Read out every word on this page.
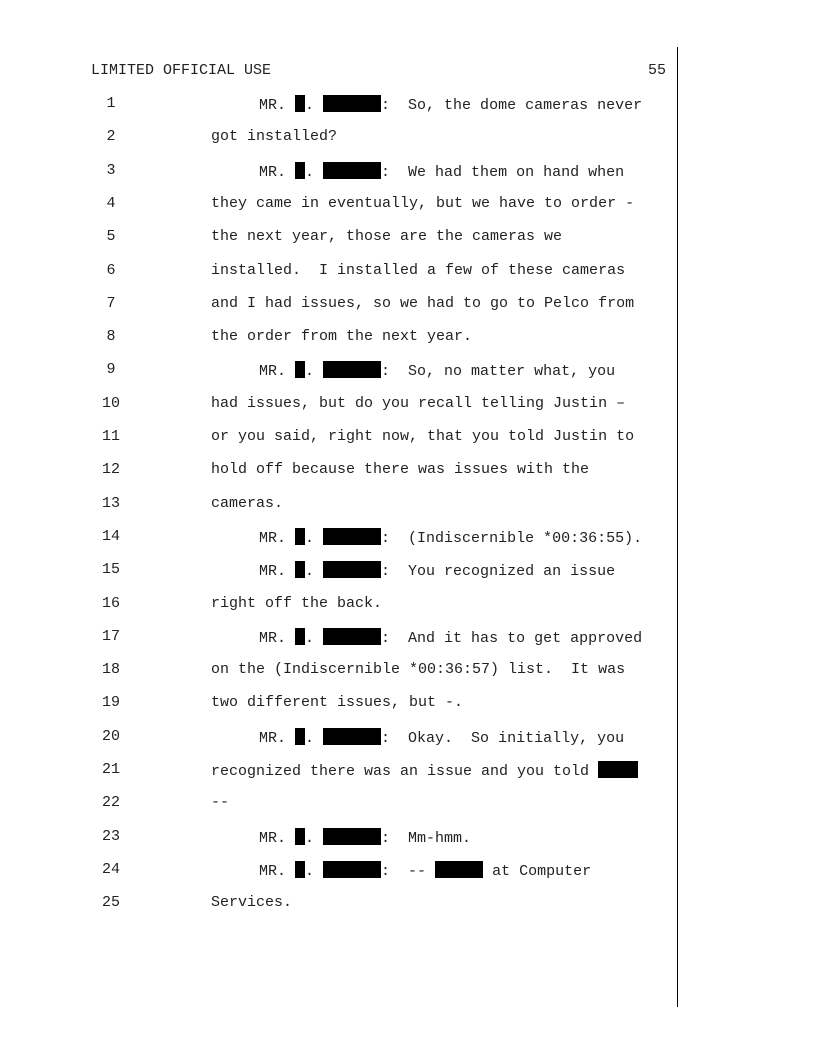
LIMITED OFFICIAL USE	55
1	MR. .	:  So, the dome cameras never
2	got installed?
3	MR. .	:  We had them on hand when
4	they came in eventually, but we have to order -
5	the next year, those are the cameras we
6	installed.  I installed a few of these cameras
7	and I had issues, so we had to go to Pelco from
8	the order from the next year.
9	MR. .	:  So, no matter what, you
10	had issues, but do you recall telling Justin –
11	or you said, right now, that you told Justin to
12	hold off because there was issues with the
13	cameras.
14	MR. .	:  (Indiscernible *00:36:55).
15	MR. .	:  You recognized an issue
16	right off the back.
17	MR. .	:  And it has to get approved
18	on the (Indiscernible *00:36:57) list.  It was
19	two different issues, but -.
20	MR. .	:  Okay.  So initially, you
21	recognized there was an issue and you told
22	--
23	MR. .	:  Mm-hmm.
24	MR. .	:  --	at Computer
25	Services.
